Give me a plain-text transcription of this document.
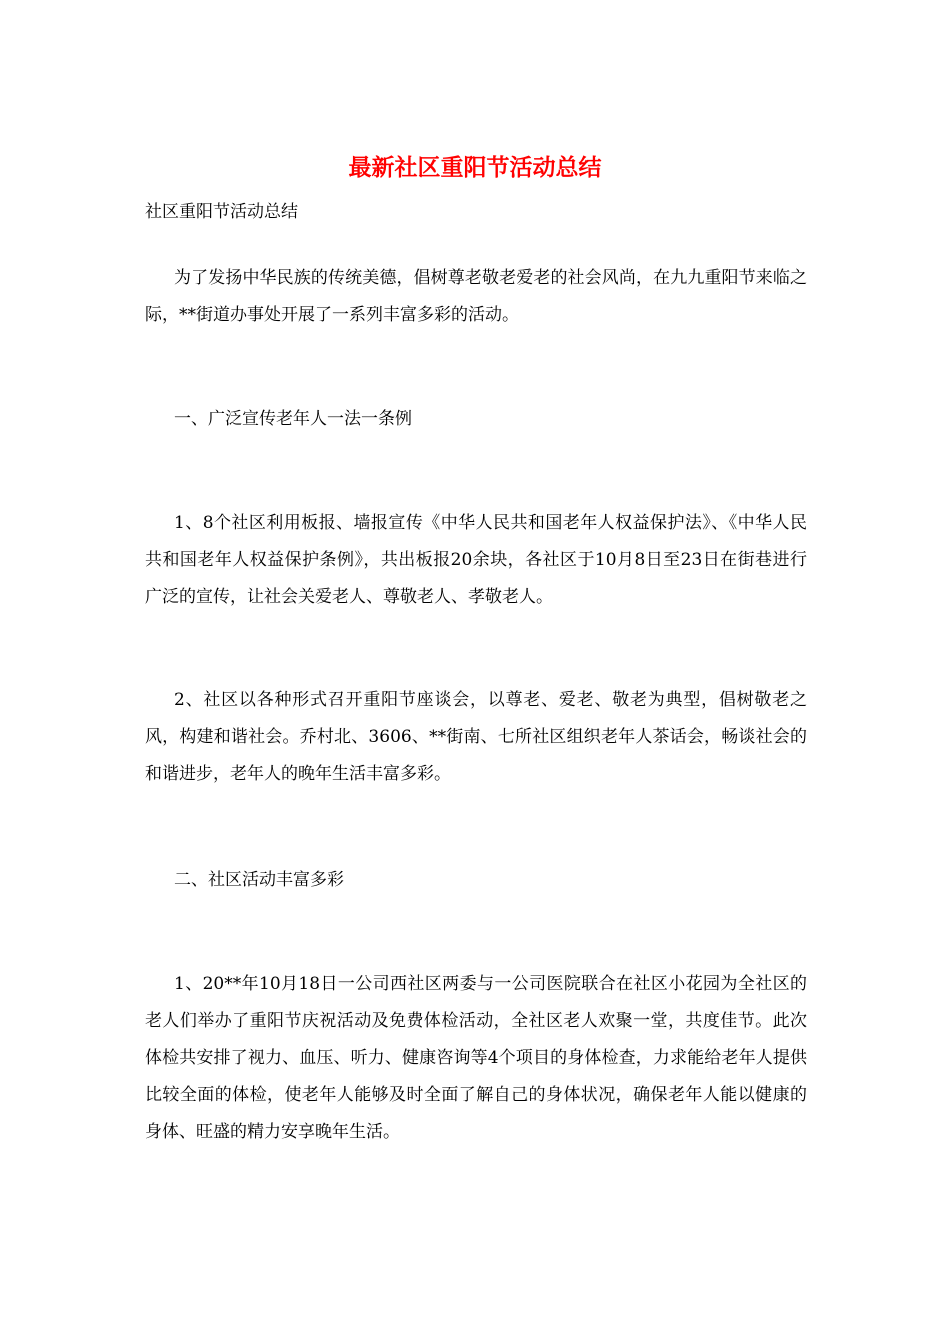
最新社区重阳节活动总结

社区重阳节活动总结

为了发扬中华民族的传统美德，倡树尊老敬老爱老的社会风尚，在九九重阳节来临之际，**街道办事处开展了一系列丰富多彩的活动。

一、广泛宣传老年人一法一条例

1、8个社区利用板报、墙报宣传《中华人民共和国老年人权益保护法》、《中华人民共和国老年人权益保护条例》，共出板报20余块，各社区于10月8日至23日在街巷进行广泛的宣传，让社会关爱老人、尊敬老人、孝敬老人。

2、社区以各种形式召开重阳节座谈会，以尊老、爱老、敬老为典型，倡树敬老之风，构建和谐社会。乔村北、3606、**街南、七所社区组织老年人茶话会，畅谈社会的和谐进步，老年人的晚年生活丰富多彩。

二、社区活动丰富多彩

1、20**年10月18日一公司西社区两委与一公司医院联合在社区小花园为全社区的老人们举办了重阳节庆祝活动及免费体检活动，全社区老人欢聚一堂，共度佳节。此次体检共安排了视力、血压、听力、健康咨询等4个项目的身体检查，力求能给老年人提供比较全面的体检，使老年人能够及时全面了解自己的身体状况，确保老年人能以健康的身体、旺盛的精力安享晚年生活。
